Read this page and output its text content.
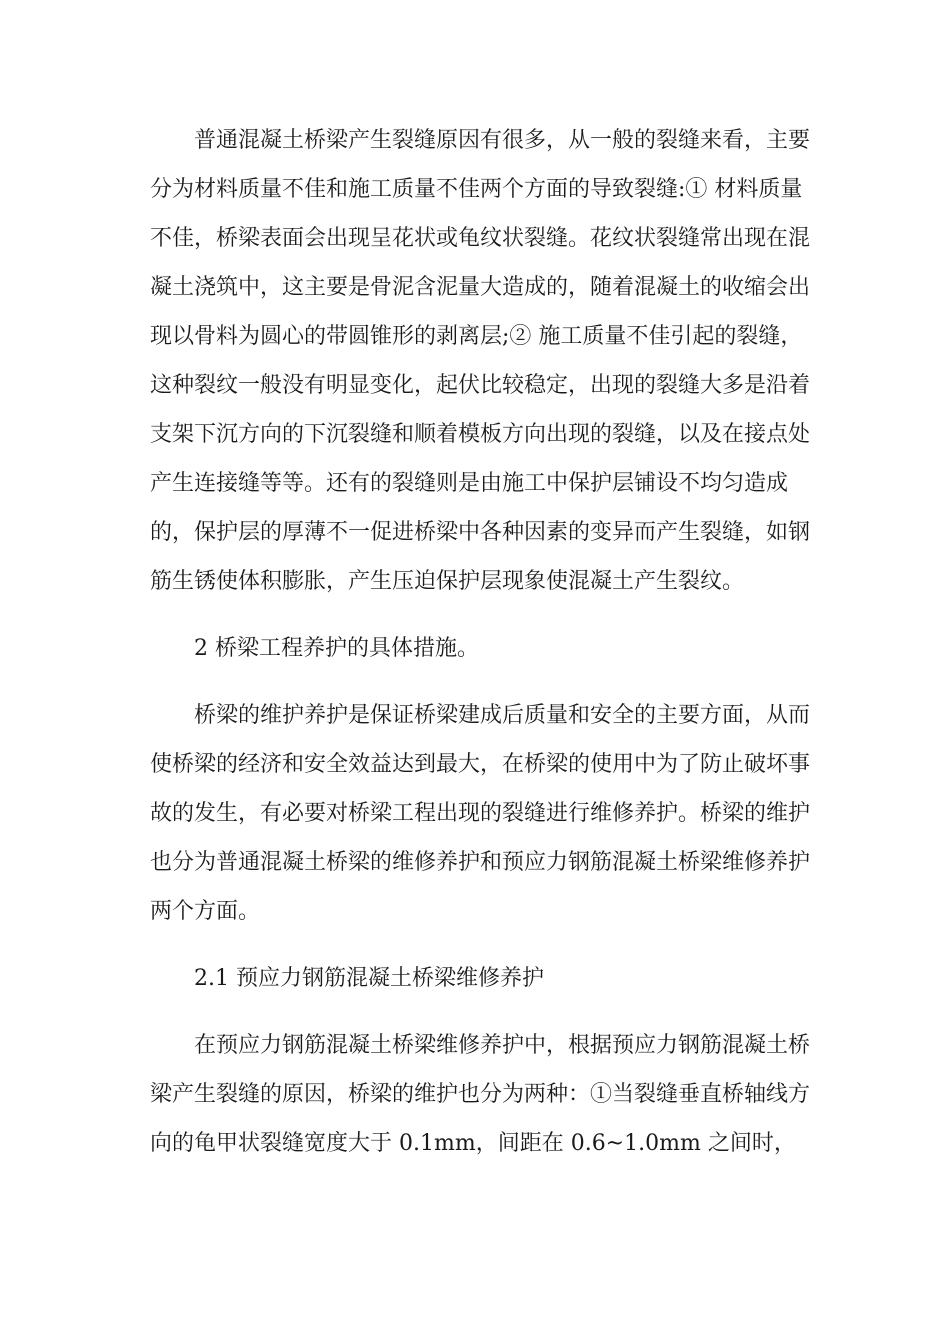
普通混凝土桥梁产生裂缝原因有很多，从一般的裂缝来看，主要分为材料质量不佳和施工质量不佳两个方面的导致裂缝:① 材料质量不佳，桥梁表面会出现呈花状或龟纹状裂缝。花纹状裂缝常出现在混凝土浇筑中，这主要是骨泥含泥量大造成的，随着混凝土的收缩会出现以骨料为圆心的带圆锥形的剥离层;② 施工质量不佳引起的裂缝，这种裂纹一般没有明显变化，起伏比较稳定，出现的裂缝大多是沿着支架下沉方向的下沉裂缝和顺着模板方向出现的裂缝，以及在接点处产生连接缝等等。还有的裂缝则是由施工中保护层铺设不均匀造成的，保护层的厚薄不一促进桥梁中各种因素的变异而产生裂缝，如钢筋生锈使体积膨胀，产生压迫保护层现象使混凝土产生裂纹。

2 桥梁工程养护的具体措施。

桥梁的维护养护是保证桥梁建成后质量和安全的主要方面，从而使桥梁的经济和安全效益达到最大，在桥梁的使用中为了防止破坏事故的发生，有必要对桥梁工程出现的裂缝进行维修养护。桥梁的维护也分为普通混凝土桥梁的维修养护和预应力钢筋混凝土桥梁维修养护两个方面。

2.1 预应力钢筋混凝土桥梁维修养护

在预应力钢筋混凝土桥梁维修养护中，根据预应力钢筋混凝土桥梁产生裂缝的原因，桥梁的维护也分为两种：①当裂缝垂直桥轴线方向的龟甲状裂缝宽度大于 0.1mm，间距在 0.6~1.0mm 之间时，
